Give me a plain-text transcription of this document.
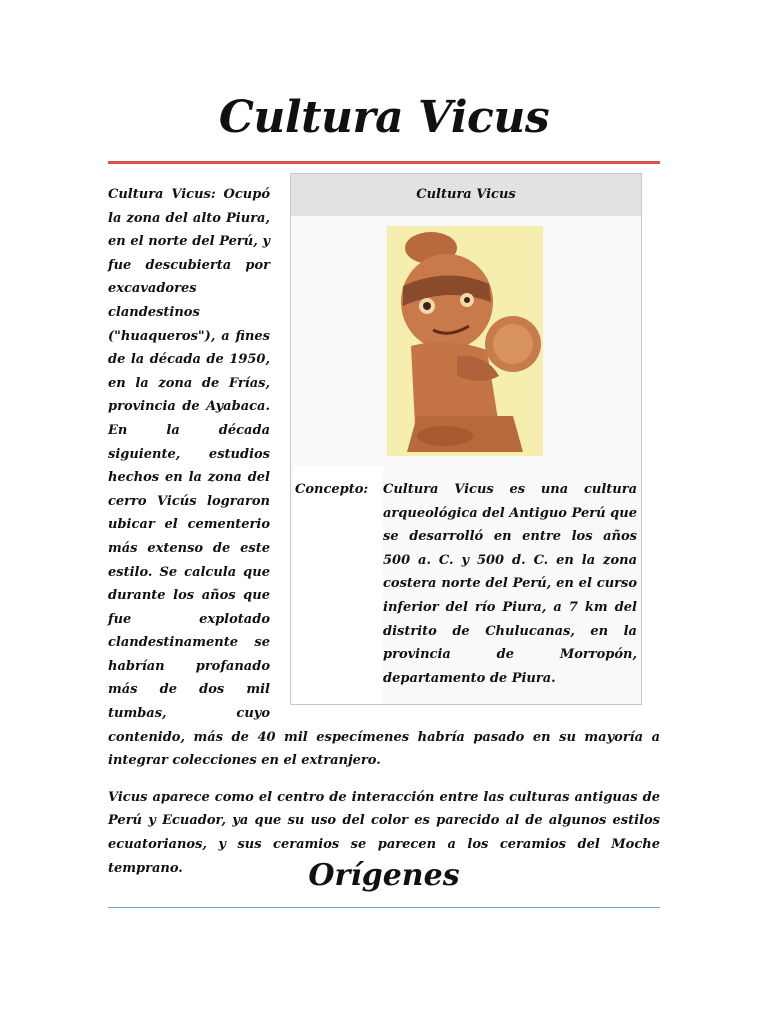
Cultura Vicus
Cultura Vicus
Concepto:	Cultura Vicus es una cultura arqueológica del Antiguo Perú que se desarrolló en entre los años 500 a. C. y 500 d. C. en la zona costera norte del Perú, en el curso inferior del río Piura, a 7 km del distrito de Chulucanas, en la provincia de Morropón, departamento de Piura.

Cultura Vicus: Ocupó la zona del alto Piura, en el norte del Perú, y fue descubierta por excavadores clandestinos ("huaqueros"), a fines de la década de 1950, en la zona de Frías, provincia de Ayabaca. En la década siguiente, estudios hechos en la zona del cerro Vicús lograron ubicar el cementerio más extenso de este estilo. Se calcula que durante los años que fue explotado clandestinamente se habrían profanado más de dos mil tumbas, cuyo contenido, más de 40 mil especímenes habría pasado en su mayoría a integrar colecciones en el extranjero.

Vicus aparece como el centro de interacción entre las culturas antiguas de Perú y Ecuador, ya que su uso del color es parecido al de algunos estilos ecuatorianos, y sus ceramios se parecen a los ceramios del Moche temprano.	Orígenes
